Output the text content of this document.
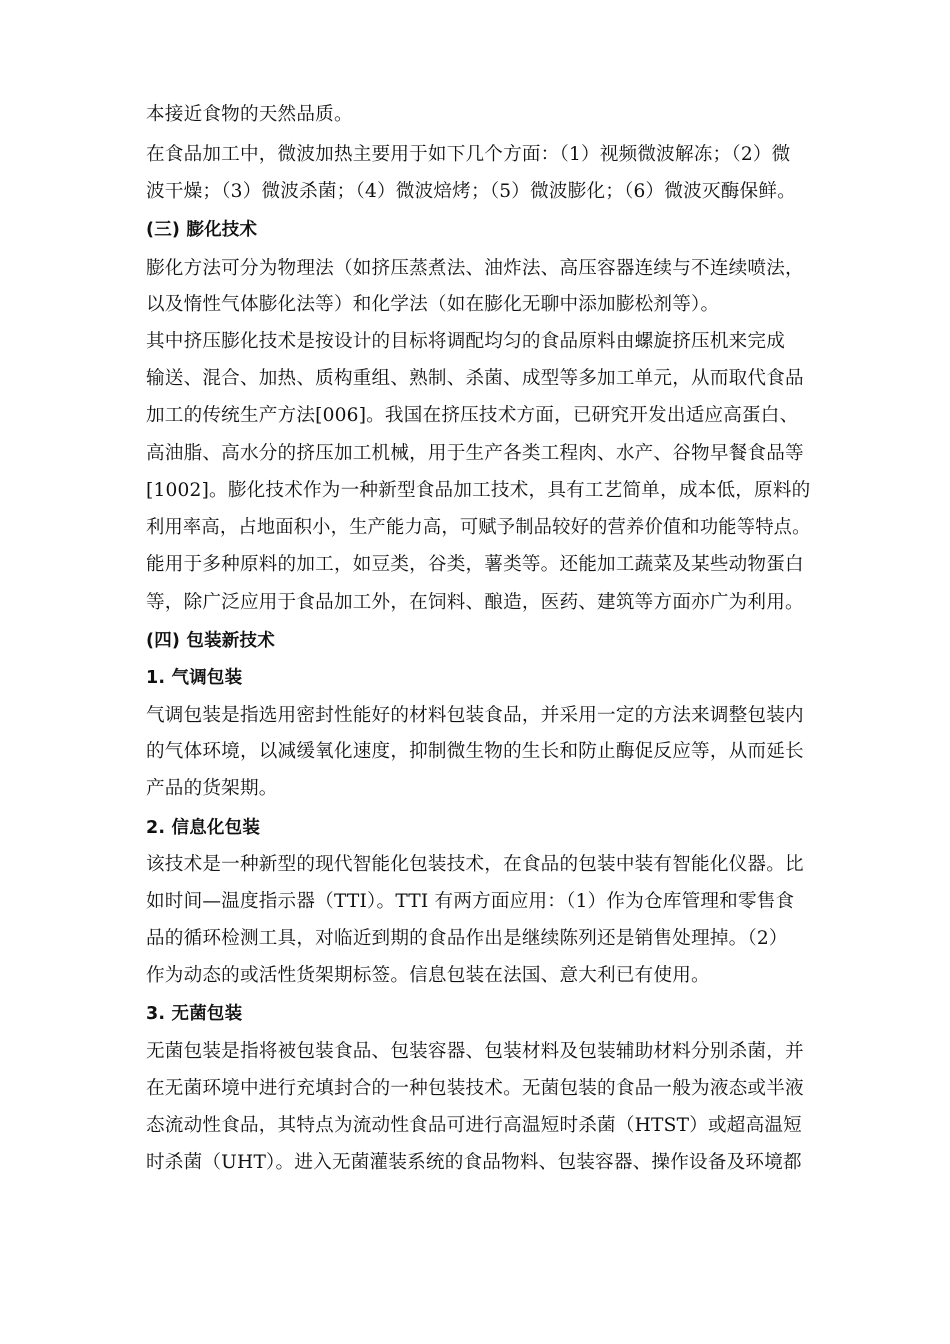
本接近食物的天然品质。
在食品加工中，微波加热主要用于如下几个方面：（1）视频微波解冻；（2）微
波干燥；（3）微波杀菌；（4）微波焙烤；（5）微波膨化；（6）微波灭酶保鲜。
(三) 膨化技术
膨化方法可分为物理法（如挤压蒸煮法、油炸法、高压容器连续与不连续喷法，
以及惰性气体膨化法等）和化学法（如在膨化无聊中添加膨松剂等）。
其中挤压膨化技术是按设计的目标将调配均匀的食品原料由螺旋挤压机来完成
输送、混合、加热、质构重组、熟制、杀菌、成型等多加工单元，从而取代食品
加工的传统生产方法[006]。我国在挤压技术方面，已研究开发出适应高蛋白、
高油脂、高水分的挤压加工机械，用于生产各类工程肉、水产、谷物早餐食品等
[1002]。膨化技术作为一种新型食品加工技术，具有工艺简单，成本低，原料的
利用率高，占地面积小，生产能力高，可赋予制品较好的营养价值和功能等特点。
能用于多种原料的加工，如豆类，谷类，薯类等。还能加工蔬菜及某些动物蛋白
等，除广泛应用于食品加工外，在饲料、酿造，医药、建筑等方面亦广为利用。
(四) 包装新技术
1. 气调包装
气调包装是指选用密封性能好的材料包装食品，并采用一定的方法来调整包装内
的气体环境，以减缓氧化速度，抑制微生物的生长和防止酶促反应等，从而延长
产品的货架期。
2. 信息化包装
该技术是一种新型的现代智能化包装技术，在食品的包装中装有智能化仪器。比
如时间—温度指示器（TTI）。TTI 有两方面应用：（1）作为仓库管理和零售食
品的循环检测工具，对临近到期的食品作出是继续陈列还是销售处理掉。（2）
作为动态的或活性货架期标签。信息包装在法国、意大利已有使用。
3. 无菌包装
无菌包装是指将被包装食品、包装容器、包装材料及包装辅助材料分别杀菌，并
在无菌环境中进行充填封合的一种包装技术。无菌包装的食品一般为液态或半液
态流动性食品，其特点为流动性食品可进行高温短时杀菌（HTST）或超高温短
时杀菌（UHT）。进入无菌灌装系统的食品物料、包装容器、操作设备及环境都
